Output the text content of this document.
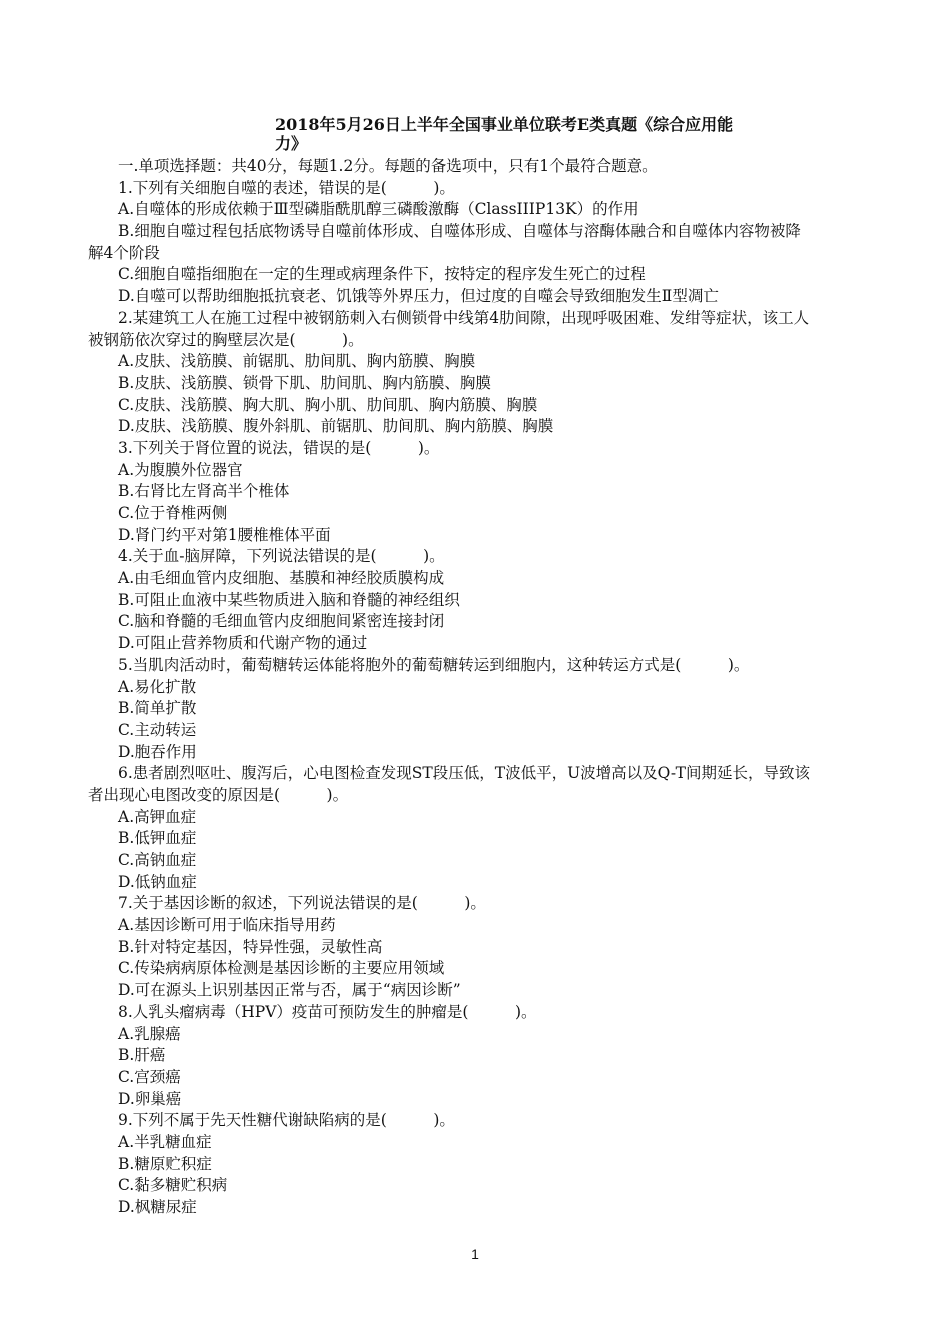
2018年5月26日上半年全国事业单位联考E类真题《综合应用能
力》
一.单项选择题：共40分，每题1.2分。每题的备选项中，只有1个最符合题意。
1.下列有关细胞自噬的表述，错误的是(　　　)。
A.自噬体的形成依赖于Ⅲ型磷脂酰肌醇三磷酸激酶（ClassIIIP13K）的作用
B.细胞自噬过程包括底物诱导自噬前体形成、自噬体形成、自噬体与溶酶体融合和自噬体内容物被降
解4个阶段
C.细胞自噬指细胞在一定的生理或病理条件下，按特定的程序发生死亡的过程
D.自噬可以帮助细胞抵抗衰老、饥饿等外界压力，但过度的自噬会导致细胞发生Ⅱ型凋亡
2.某建筑工人在施工过程中被钢筋刺入右侧锁骨中线第4肋间隙，出现呼吸困难、发绀等症状，该工人
被钢筋依次穿过的胸壁层次是(　　　)。
A.皮肤、浅筋膜、前锯肌、肋间肌、胸内筋膜、胸膜
B.皮肤、浅筋膜、锁骨下肌、肋间肌、胸内筋膜、胸膜
C.皮肤、浅筋膜、胸大肌、胸小肌、肋间肌、胸内筋膜、胸膜
D.皮肤、浅筋膜、腹外斜肌、前锯肌、肋间肌、胸内筋膜、胸膜
3.下列关于肾位置的说法，错误的是(　　　)。
A.为腹膜外位器官
B.右肾比左肾高半个椎体
C.位于脊椎两侧
D.肾门约平对第1腰椎椎体平面
4.关于血-脑屏障，下列说法错误的是(　　　)。
A.由毛细血管内皮细胞、基膜和神经胶质膜构成
B.可阻止血液中某些物质进入脑和脊髓的神经组织
C.脑和脊髓的毛细血管内皮细胞间紧密连接封闭
D.可阻止营养物质和代谢产物的通过
5.当肌肉活动时，葡萄糖转运体能将胞外的葡萄糖转运到细胞内，这种转运方式是(　　　)。
A.易化扩散
B.简单扩散
C.主动转运
D.胞吞作用
6.患者剧烈呕吐、腹泻后，心电图检查发现ST段压低，T波低平，U波增高以及Q-T间期延长，导致该
者出现心电图改变的原因是(　　　)。
A.高钾血症
B.低钾血症
C.高钠血症
D.低钠血症
7.关于基因诊断的叙述，下列说法错误的是(　　　)。
A.基因诊断可用于临床指导用药
B.针对特定基因，特异性强，灵敏性高
C.传染病病原体检测是基因诊断的主要应用领域
D.可在源头上识别基因正常与否，属于“病因诊断”
8.人乳头瘤病毒（HPV）疫苗可预防发生的肿瘤是(　　　)。
A.乳腺癌
B.肝癌
C.宫颈癌
D.卵巢癌
9.下列不属于先天性糖代谢缺陷病的是(　　　)。
A.半乳糖血症
B.糖原贮积症
C.黏多糖贮积病
D.枫糖尿症
1
